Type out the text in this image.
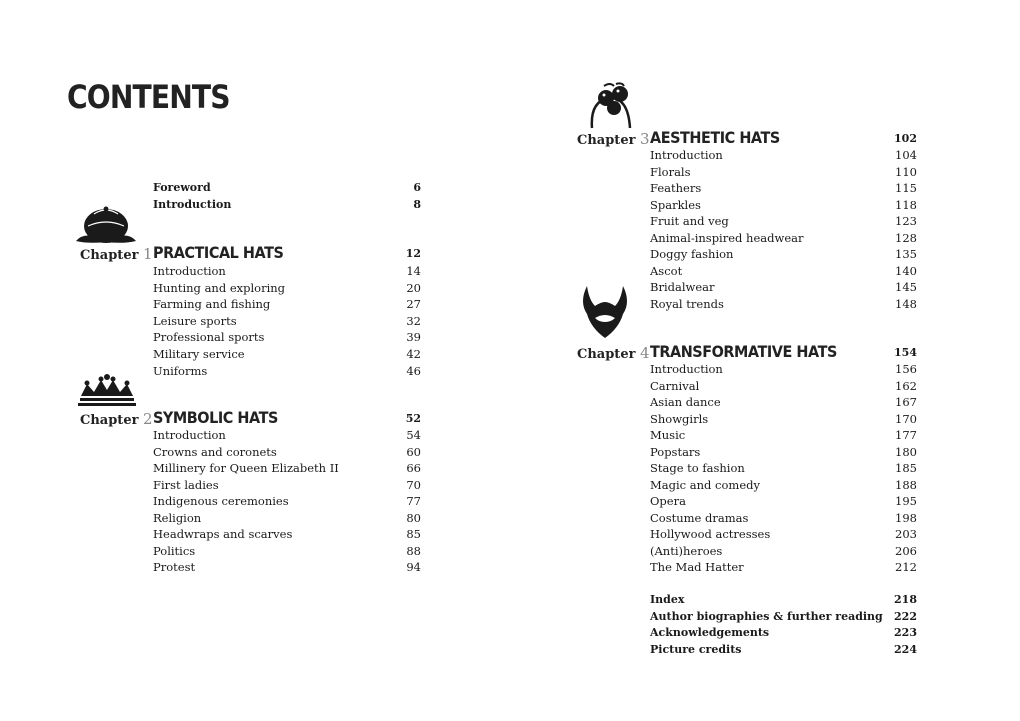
CONTENTS
Foreword	6
Introduction	8
Chapter 1 PRACTICAL HATS	12
Introduction	14
Hunting and exploring	20
Farming and fishing	27
Leisure sports	32
Professional sports	39
Military service	42
Uniforms	46
Chapter 2 SYMBOLIC HATS	52
Introduction	54
Crowns and coronets	60
Millinery for Queen Elizabeth II	66
First ladies	70
Indigenous ceremonies	77
Religion	80
Headwraps and scarves	85
Politics	88
Protest	94
Chapter 3 AESTHETIC HATS	102
Introduction	104
Florals	110
Feathers	115
Sparkles	118
Fruit and veg	123
Animal-inspired headwear	128
Doggy fashion	135
Ascot	140
Bridalwear	145
Royal trends	148
Chapter 4 TRANSFORMATIVE HATS	154
Introduction	156
Carnival	162
Asian dance	167
Showgirls	170
Music	177
Popstars	180
Stage to fashion	185
Magic and comedy	188
Opera	195
Costume dramas	198
Hollywood actresses	203
(Anti)heroes	206
The Mad Hatter	212
Index	218
Author biographies & further reading	222
Acknowledgements	223
Picture credits	224
